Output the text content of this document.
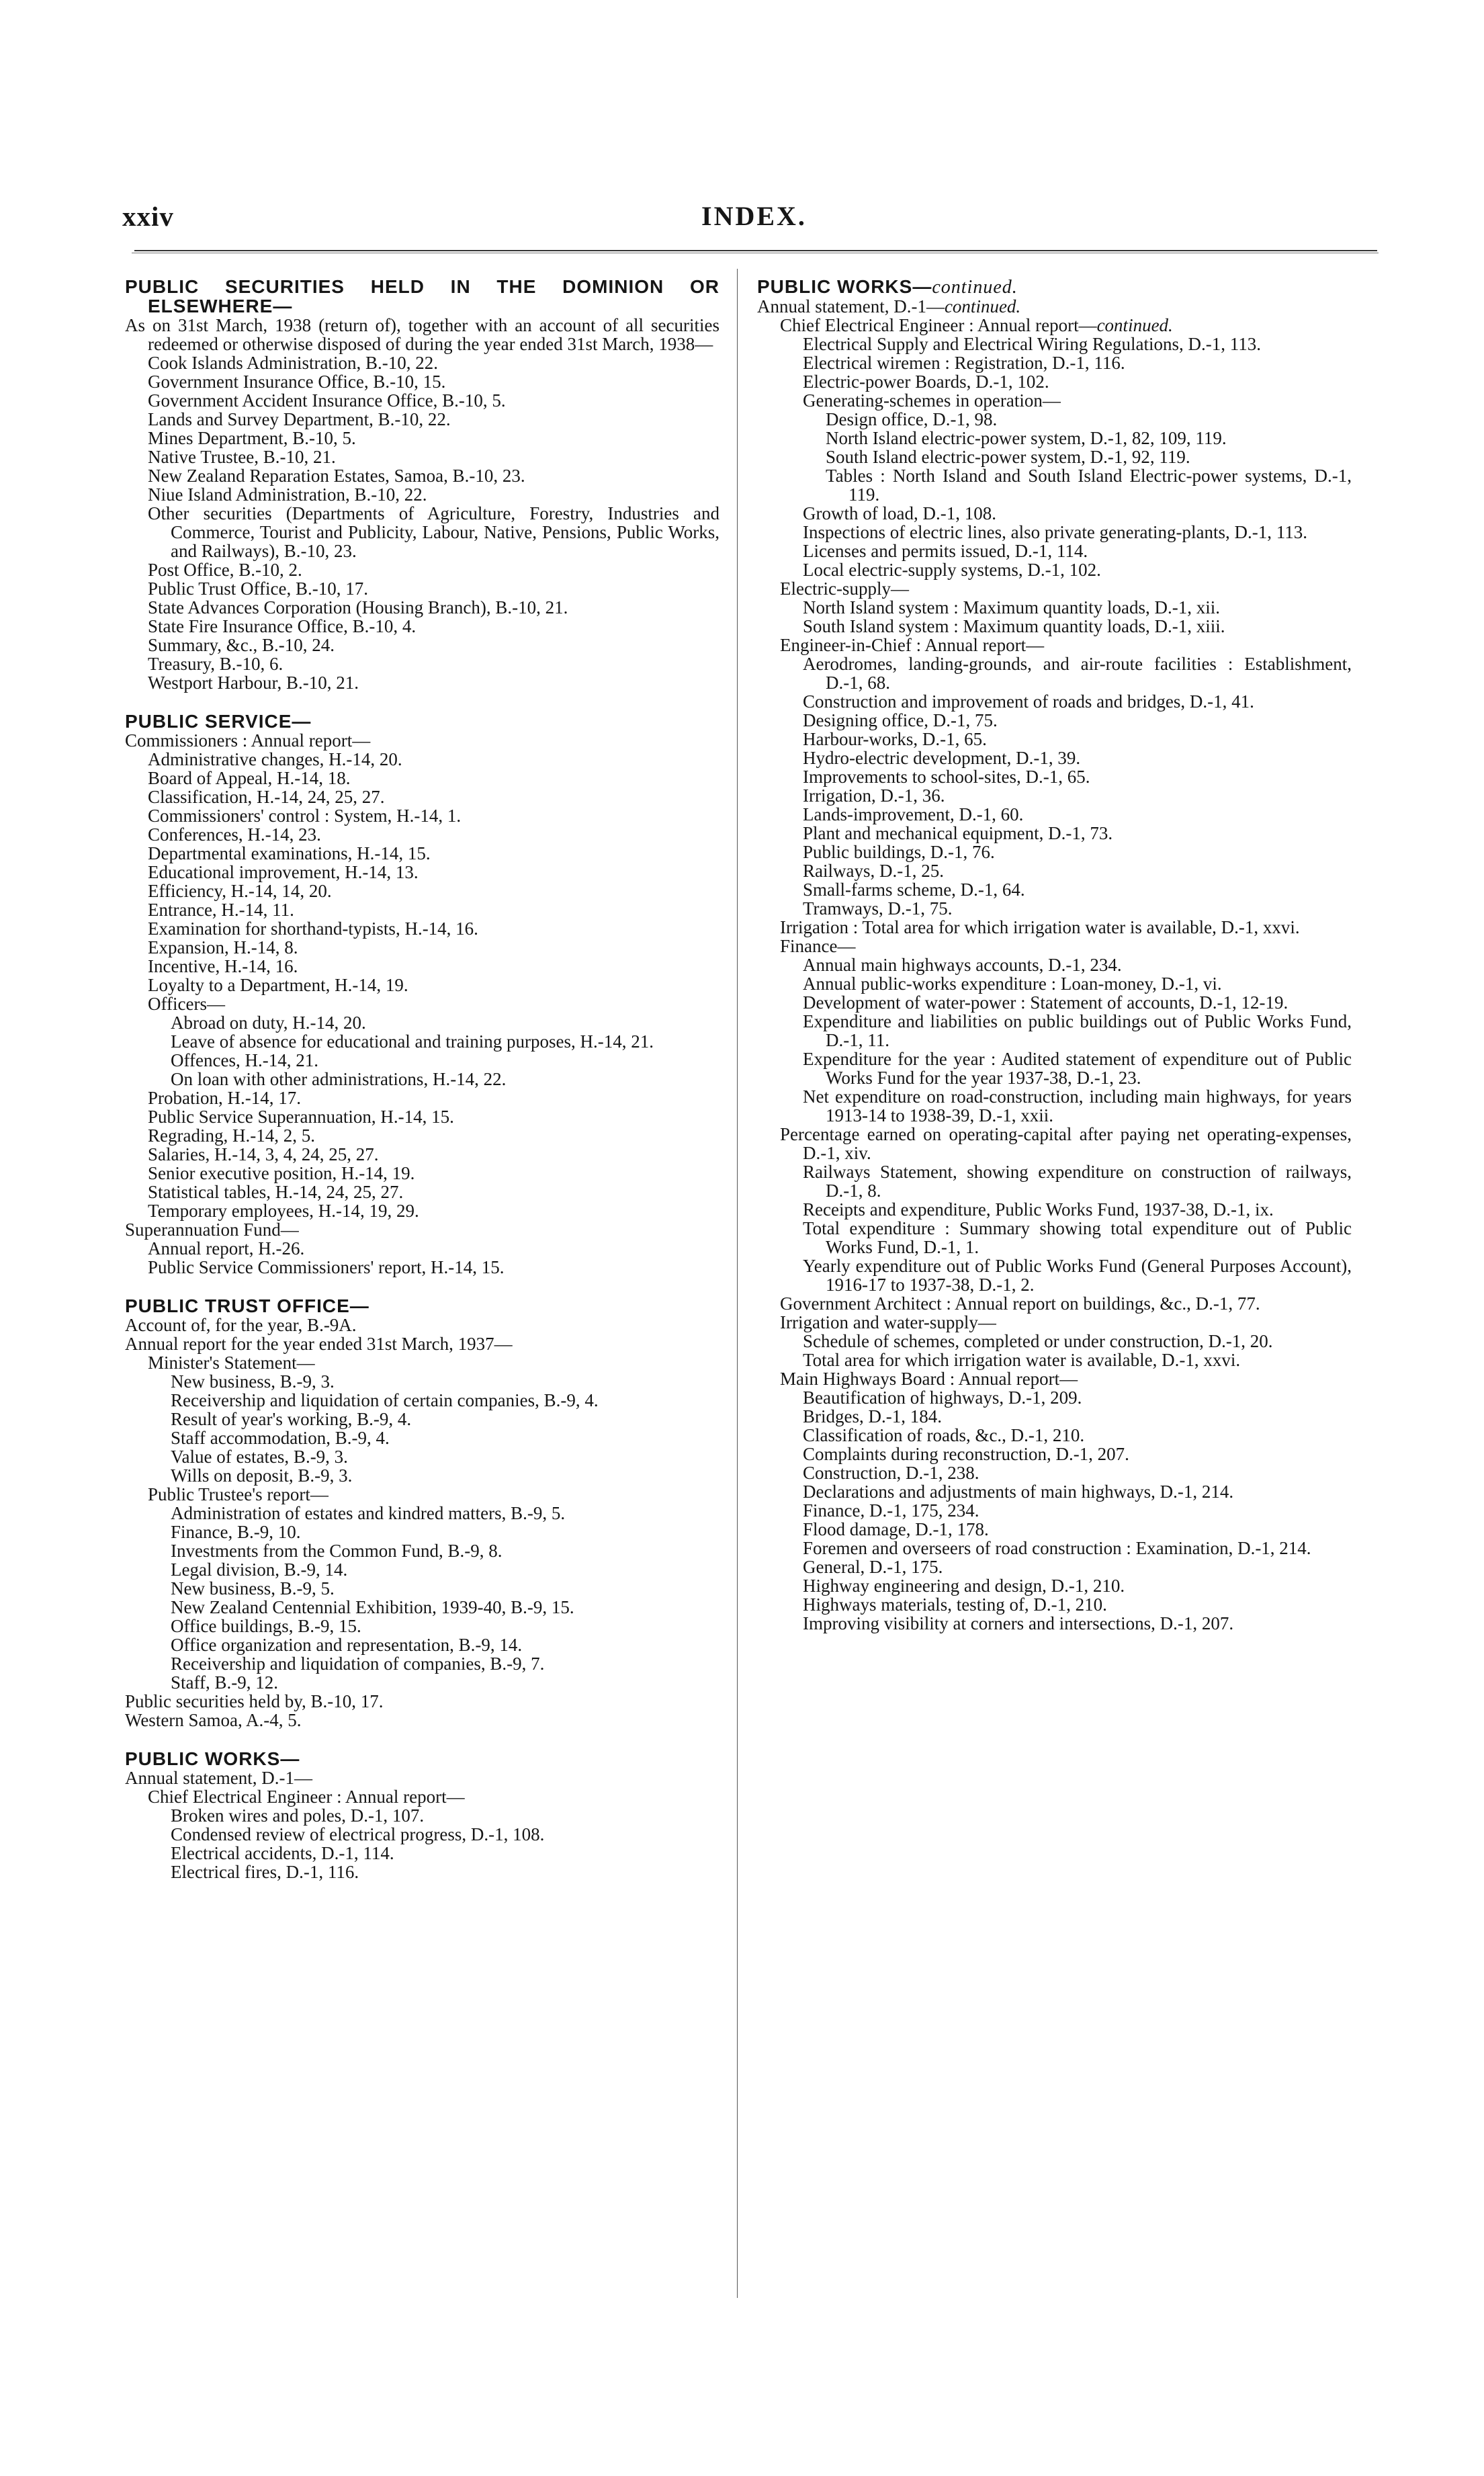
xxiv	INDEX.
PUBLIC SECURITIES HELD IN THE DOMINION OR ELSEWHERE—
As on 31st March, 1938 (return of), together with an account of all securities redeemed or otherwise disposed of during the year ended 31st March, 1938—
Cook Islands Administration, B.-10, 22.
Government Insurance Office, B.-10, 15.
Government Accident Insurance Office, B.-10, 5.
Lands and Survey Department, B.-10, 22.
Mines Department, B.-10, 5.
Native Trustee, B.-10, 21.
New Zealand Reparation Estates, Samoa, B.-10, 23.
Niue Island Administration, B.-10, 22.
Other securities (Departments of Agriculture, Forestry, Industries and Commerce, Tourist and Publicity, Labour, Native, Pensions, Public Works, and Railways), B.-10, 23.
Post Office, B.-10, 2.
Public Trust Office, B.-10, 17.
State Advances Corporation (Housing Branch), B.-10, 21.
State Fire Insurance Office, B.-10, 4.
Summary, &c., B.-10, 24.
Treasury, B.-10, 6.
Westport Harbour, B.-10, 21.
PUBLIC SERVICE—
Commissioners : Annual report—
Administrative changes, H.-14, 20.
Board of Appeal, H.-14, 18.
Classification, H.-14, 24, 25, 27.
Commissioners' control : System, H.-14, 1.
Conferences, H.-14, 23.
Departmental examinations, H.-14, 15.
Educational improvement, H.-14, 13.
Efficiency, H.-14, 14, 20.
Entrance, H.-14, 11.
Examination for shorthand-typists, H.-14, 16.
Expansion, H.-14, 8.
Incentive, H.-14, 16.
Loyalty to a Department, H.-14, 19.
Officers—
Abroad on duty, H.-14, 20.
Leave of absence for educational and training purposes, H.-14, 21.
Offences, H.-14, 21.
On loan with other administrations, H.-14, 22.
Probation, H.-14, 17.
Public Service Superannuation, H.-14, 15.
Regrading, H.-14, 2, 5.
Salaries, H.-14, 3, 4, 24, 25, 27.
Senior executive position, H.-14, 19.
Statistical tables, H.-14, 24, 25, 27.
Temporary employees, H.-14, 19, 29.
Superannuation Fund—
Annual report, H.-26.
Public Service Commissioners' report, H.-14, 15.
PUBLIC TRUST OFFICE—
Account of, for the year, B.-9A.
Annual report for the year ended 31st March, 1937—
Minister's Statement—
New business, B.-9, 3.
Receivership and liquidation of certain companies, B.-9, 4.
Result of year's working, B.-9, 4.
Staff accommodation, B.-9, 4.
Value of estates, B.-9, 3.
Wills on deposit, B.-9, 3.
Public Trustee's report—
Administration of estates and kindred matters, B.-9, 5.
Finance, B.-9, 10.
Investments from the Common Fund, B.-9, 8.
Legal division, B.-9, 14.
New business, B.-9, 5.
New Zealand Centennial Exhibition, 1939-40, B.-9, 15.
Office buildings, B.-9, 15.
Office organization and representation, B.-9, 14.
Receivership and liquidation of companies, B.-9, 7.
Staff, B.-9, 12.
Public securities held by, B.-10, 17.
Western Samoa, A.-4, 5.
PUBLIC WORKS—
Annual statement, D.-1—
Chief Electrical Engineer : Annual report—
Broken wires and poles, D.-1, 107.
Condensed review of electrical progress, D.-1, 108.
Electrical accidents, D.-1, 114.
Electrical fires, D.-1, 116.
PUBLIC WORKS—continued.
Annual statement, D.-1—continued.
Chief Electrical Engineer : Annual report—continued.
Electrical Supply and Electrical Wiring Regulations, D.-1, 113.
Electrical wiremen : Registration, D.-1, 116.
Electric-power Boards, D.-1, 102.
Generating-schemes in operation—
Design office, D.-1, 98.
North Island electric-power system, D.-1, 82, 109, 119.
South Island electric-power system, D.-1, 92, 119.
Tables : North Island and South Island Electric-power systems, D.-1, 119.
Growth of load, D.-1, 108.
Inspections of electric lines, also private generating-plants, D.-1, 113.
Licenses and permits issued, D.-1, 114.
Local electric-supply systems, D.-1, 102.
Electric-supply—
North Island system : Maximum quantity loads, D.-1, xii.
South Island system : Maximum quantity loads, D.-1, xiii.
Engineer-in-Chief : Annual report—
Aerodromes, landing-grounds, and air-route facilities : Establishment, D.-1, 68.
Construction and improvement of roads and bridges, D.-1, 41.
Designing office, D.-1, 75.
Harbour-works, D.-1, 65.
Hydro-electric development, D.-1, 39.
Improvements to school-sites, D.-1, 65.
Irrigation, D.-1, 36.
Lands-improvement, D.-1, 60.
Plant and mechanical equipment, D.-1, 73.
Public buildings, D.-1, 76.
Railways, D.-1, 25.
Small-farms scheme, D.-1, 64.
Tramways, D.-1, 75.
Irrigation : Total area for which irrigation water is available, D.-1, xxvi.
Finance—
Annual main highways accounts, D.-1, 234.
Annual public-works expenditure : Loan-money, D.-1, vi.
Development of water-power : Statement of accounts, D.-1, 12-19.
Expenditure and liabilities on public buildings out of Public Works Fund, D.-1, 11.
Expenditure for the year : Audited statement of expenditure out of Public Works Fund for the year 1937-38, D.-1, 23.
Net expenditure on road-construction, including main highways, for years 1913-14 to 1938-39, D.-1, xxii.
Percentage earned on operating-capital after paying net operating-expenses, D.-1, xiv.
Railways Statement, showing expenditure on construction of railways, D.-1, 8.
Receipts and expenditure, Public Works Fund, 1937-38, D.-1, ix.
Total expenditure : Summary showing total expenditure out of Public Works Fund, D.-1, 1.
Yearly expenditure out of Public Works Fund (General Purposes Account), 1916-17 to 1937-38, D.-1, 2.
Government Architect : Annual report on buildings, &c., D.-1, 77.
Irrigation and water-supply—
Schedule of schemes, completed or under construction, D.-1, 20.
Total area for which irrigation water is available, D.-1, xxvi.
Main Highways Board : Annual report—
Beautification of highways, D.-1, 209.
Bridges, D.-1, 184.
Classification of roads, &c., D.-1, 210.
Complaints during reconstruction, D.-1, 207.
Construction, D.-1, 238.
Declarations and adjustments of main highways, D.-1, 214.
Finance, D.-1, 175, 234.
Flood damage, D.-1, 178.
Foremen and overseers of road construction : Examination, D.-1, 214.
General, D.-1, 175.
Highway engineering and design, D.-1, 210.
Highways materials, testing of, D.-1, 210.
Improving visibility at corners and intersections, D.-1, 207.
